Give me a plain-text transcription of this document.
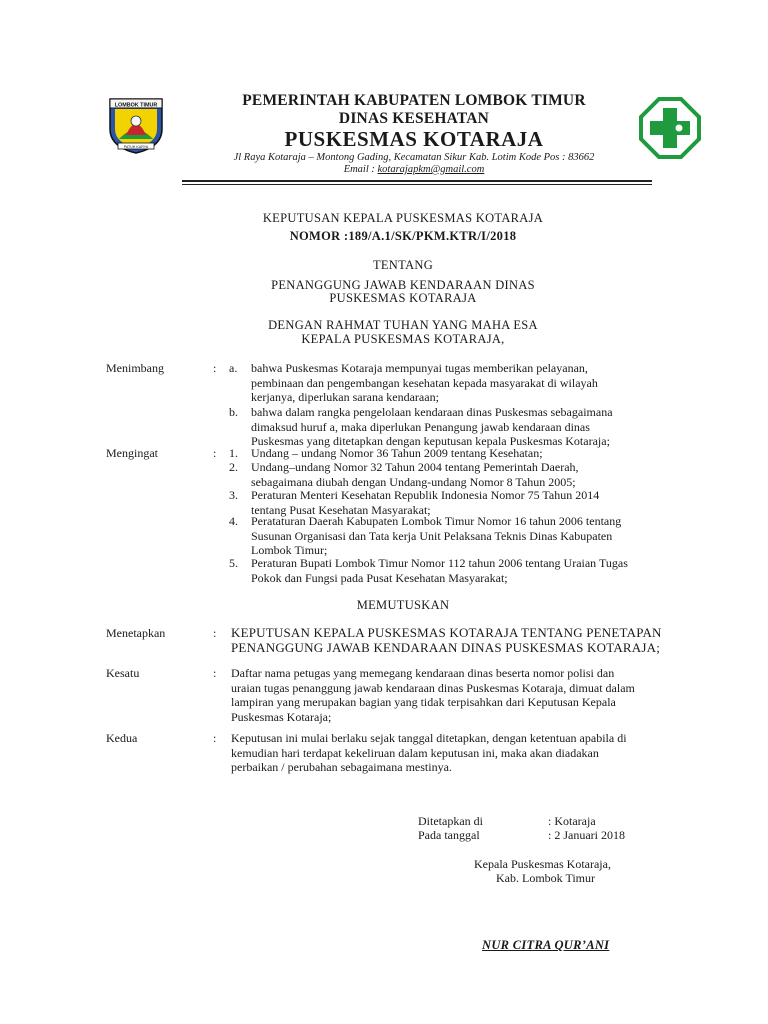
LOMBOK TIMUR
PATUH KARYA
PEMERINTAH KABUPATEN LOMBOK TIMUR
DINAS KESEHATAN
PUSKESMAS KOTARAJA
Jl Raya Kotaraja – Montong Gading, Kecamatan Sikur Kab. Lotim Kode Pos : 83662
Email : kotarajapkm@gmail.com
KEPUTUSAN KEPALA PUSKESMAS KOTARAJA
NOMOR :189/A.1/SK/PKM.KTR/I/2018
TENTANG
PENANGGUNG JAWAB KENDARAAN DINAS
PUSKESMAS KOTARAJA
DENGAN RAHMAT TUHAN YANG MAHA ESA
KEPALA PUSKESMAS KOTARAJA,
Menimbang	: a. bahwa Puskesmas Kotaraja mempunyai tugas memberikan pelayanan,
pembinaan dan pengembangan kesehatan kepada masyarakat di wilayah
kerjanya, diperlukan sarana kendaraan;
b. bahwa dalam rangka pengelolaan kendaraan dinas Puskesmas sebagaimana
dimaksud huruf a, maka diperlukan Penangung jawab kendaraan dinas
Puskesmas yang ditetapkan dengan keputusan kepala Puskesmas Kotaraja;
Mengingat	: 1. Undang – undang Nomor 36 Tahun 2009 tentang Kesehatan;
2. Undang–undang Nomor 32 Tahun 2004 tentang Pemerintah Daerah,
sebagaimana diubah dengan Undang-undang Nomor 8 Tahun 2005;
3. Peraturan Menteri Kesehatan Republik Indonesia Nomor 75 Tahun 2014
tentang Pusat Kesehatan Masyarakat;
4. Perataturan Daerah Kabupaten Lombok Timur Nomor 16 tahun 2006 tentang
Susunan Organisasi dan Tata kerja Unit Pelaksana Teknis Dinas Kabupaten
Lombok Timur;
5. Peraturan Bupati Lombok Timur Nomor 112 tahun 2006 tentang Uraian Tugas
Pokok dan Fungsi pada Pusat Kesehatan Masyarakat;
MEMUTUSKAN
Menetapkan	: KEPUTUSAN KEPALA PUSKESMAS KOTARAJA TENTANG PENETAPAN
PENANGGUNG JAWAB KENDARAAN DINAS PUSKESMAS KOTARAJA;
Kesatu	: Daftar nama petugas yang memegang kendaraan dinas beserta nomor polisi dan
uraian tugas penanggung jawab kendaraan dinas Puskesmas Kotaraja, dimuat dalam
lampiran yang merupakan bagian yang tidak terpisahkan dari Keputusan Kepala
Puskesmas Kotaraja;
Kedua	: Keputusan ini mulai berlaku sejak tanggal ditetapkan, dengan ketentuan apabila di
kemudian hari terdapat kekeliruan dalam keputusan ini, maka akan diadakan
perbaikan / perubahan sebagaimana mestinya.
Ditetapkan di	: Kotaraja
Pada tanggal	: 2 Januari 2018
Kepala Puskesmas Kotaraja,
Kab. Lombok Timur
NUR CITRA QUR’ANI
